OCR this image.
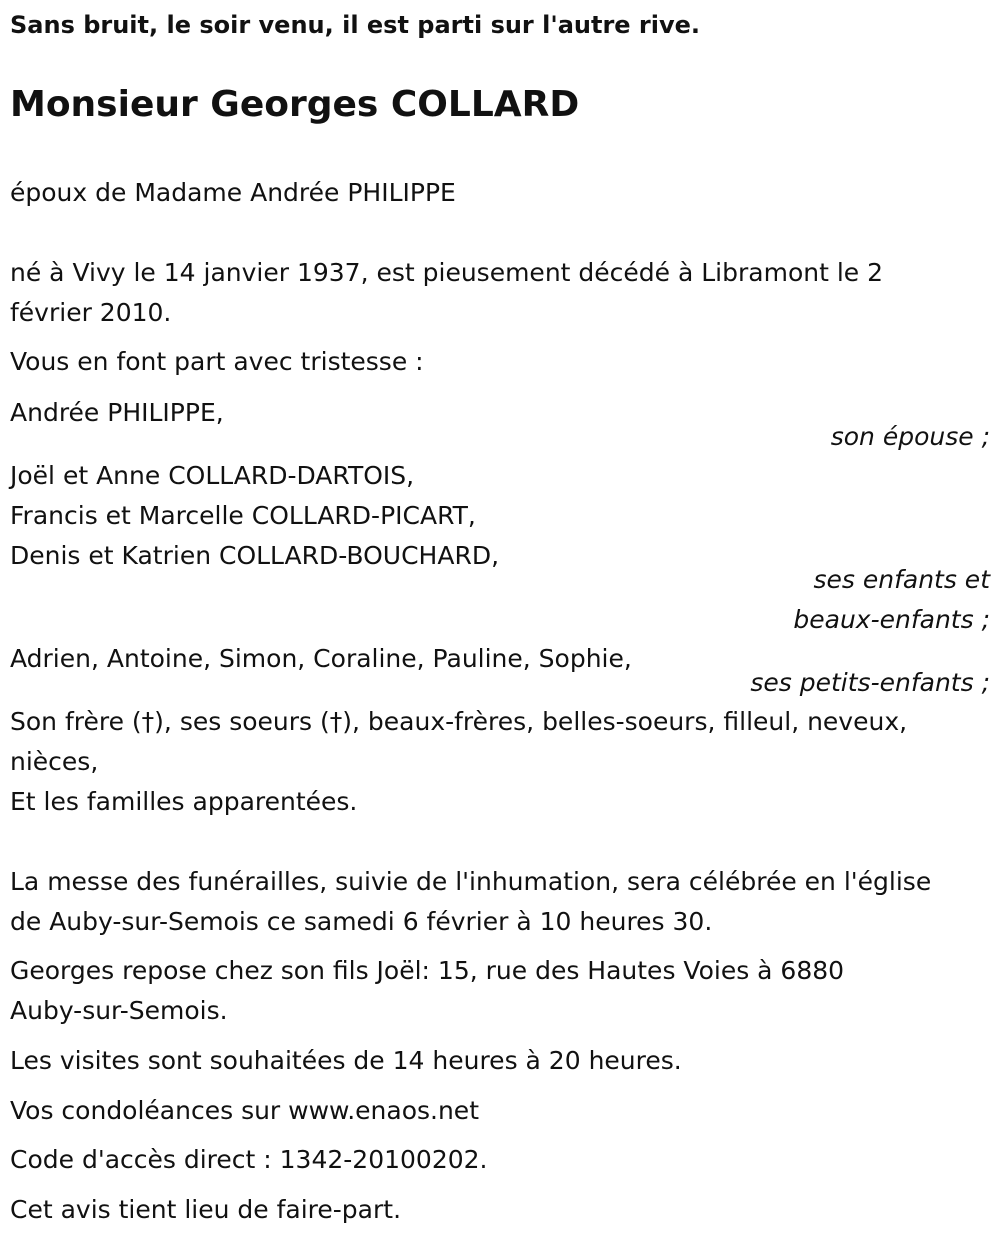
Sans bruit, le soir venu, il est parti sur l'autre rive.
Monsieur Georges COLLARD
époux de Madame Andrée PHILIPPE
né à Vivy le 14 janvier 1937, est pieusement décédé à Libramont le 2
février 2010.
Vous en font part avec tristesse :
Andrée PHILIPPE,
son épouse ;
Joël et Anne COLLARD-DARTOIS,
Francis et Marcelle COLLARD-PICART,
Denis et Katrien COLLARD-BOUCHARD,
ses enfants et
beaux-enfants ;
Adrien, Antoine, Simon, Coraline, Pauline, Sophie,
ses petits-enfants ;
Son frère (†), ses soeurs (†), beaux-frères, belles-soeurs, filleul, neveux,
nièces,
Et les familles apparentées.
La messe des funérailles, suivie de l'inhumation, sera célébrée en l'église
de Auby-sur-Semois ce samedi 6 février à 10 heures 30.
Georges repose chez son fils Joël: 15, rue des Hautes Voies à 6880
Auby-sur-Semois.
Les visites sont souhaitées de 14 heures à 20 heures.
Vos condoléances sur www.enaos.net
Code d'accès direct : 1342-20100202.
Cet avis tient lieu de faire-part.
